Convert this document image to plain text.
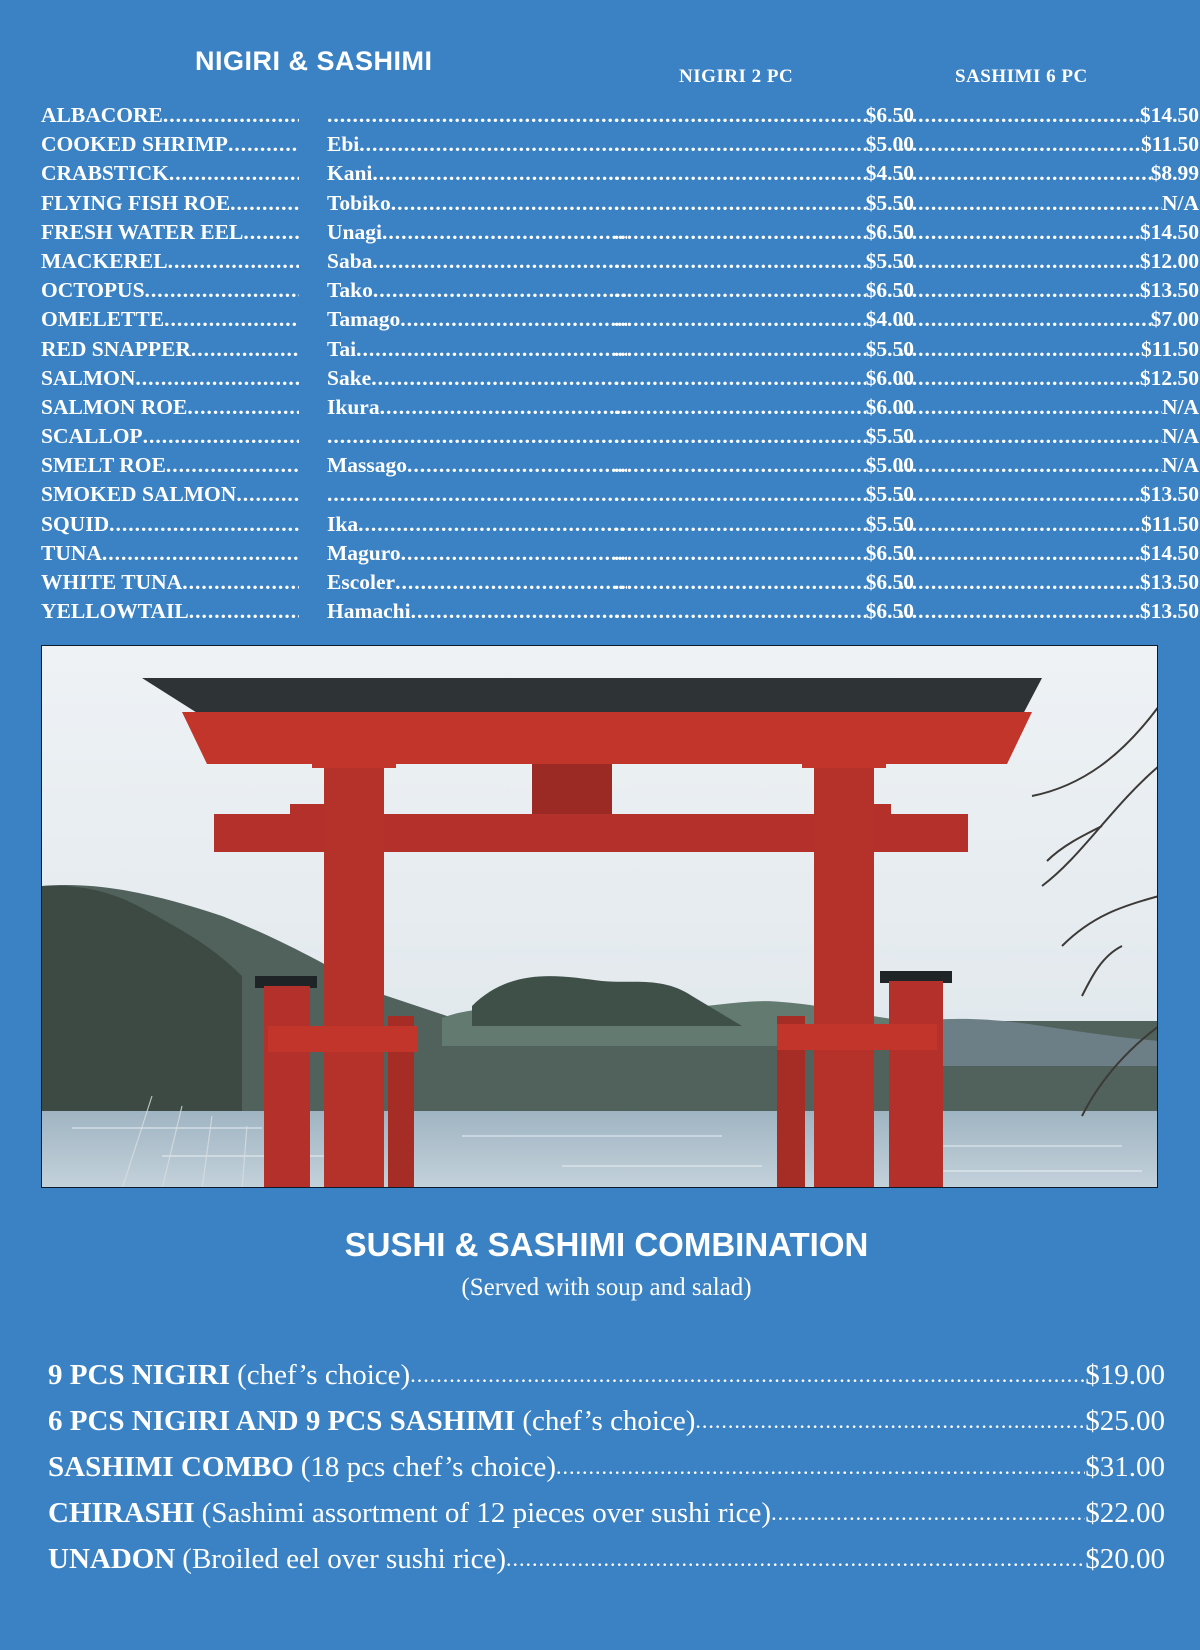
NIGIRI & SASHIMI
NIGIRI 2 PC	SASHIMI 6 PC
ALBACORE ..... ..... .....	$6.50 .....	$14.50
COOKED SHRIMP .....	Ebi ..... .....	$5.00 .....	$11.50
CRABSTICK .....	Kani ..... .....	$4.50 .....	$8.99
FLYING FISH ROE .....	Tobiko ..... .....	$5.50 .....	N/A
FRESH WATER EEL .....	Unagi ..... .....	$6.50 .....	$14.50
MACKEREL .....	Saba ..... .....	$5.50 .....	$12.00
OCTOPUS .....	Tako ..... .....	$6.50 .....	$13.50
OMELETTE .....	Tamago ..... .....	$4.00 .....	$7.00
RED SNAPPER .....	Tai ..... .....	$5.50 .....	$11.50
SALMON .....	Sake ..... .....	$6.00 .....	$12.50
SALMON ROE .....	Ikura ..... .....	$6.00 .....	N/A
SCALLOP ..... ..... .....	$5.50 .....	N/A
SMELT ROE .....	Massago ..... .....	$5.00 .....	N/A
SMOKED SALMON ..... ..... .....	$5.50 .....	$13.50
SQUID .....	Ika ..... .....	$5.50 .....	$11.50
TUNA .....	Maguro ..... .....	$6.50 .....	$14.50
WHITE TUNA .....	Escoler ..... .....	$6.50 .....	$13.50
YELLOWTAIL .....	Hamachi ..... .....	$6.50 .....	$13.50
SUSHI & SASHIMI COMBINATION
(Served with soup and salad)
9 PCS NIGIRI (chef’s choice) .....	$19.00
6 PCS NIGIRI AND 9 PCS SASHIMI (chef’s choice) .....	$25.00
SASHIMI COMBO (18 pcs chef’s choice) .....	$31.00
CHIRASHI (Sashimi assortment of 12 pieces over sushi rice) .....	$22.00
UNADON (Broiled eel over sushi rice) .....	$20.00
